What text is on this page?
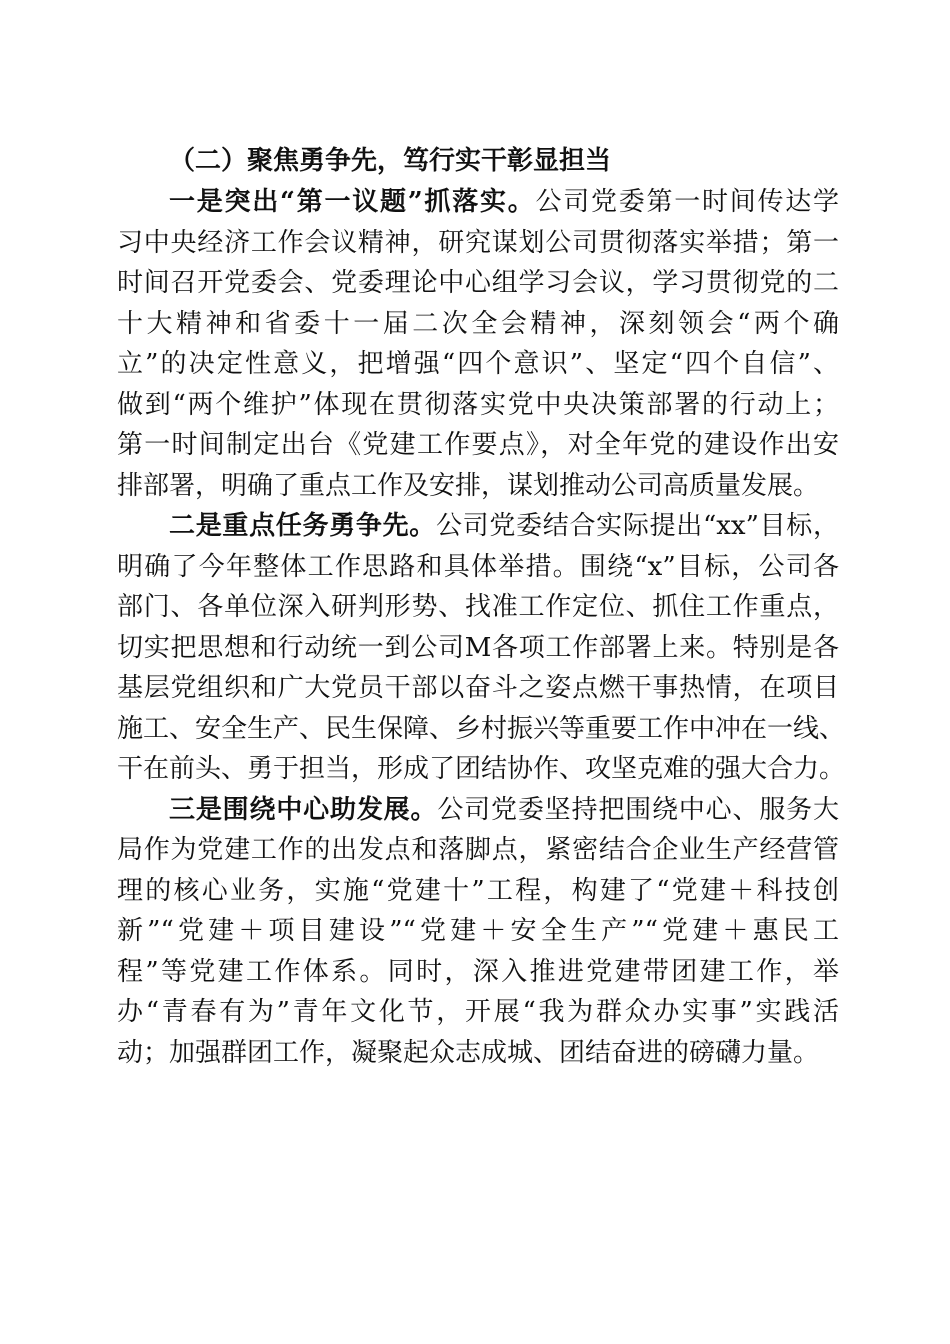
（二）聚焦勇争先，笃行实干彰显担当
一是突出“第一议题”抓落实。公司党委第一时间传达学
习中央经济工作会议精神，研究谋划公司贯彻落实举措；第一
时间召开党委会、党委理论中心组学习会议，学习贯彻党的二
十大精神和省委十一届二次全会精神，深刻领会“两个确
立”的决定性意义，把增强“四个意识”、坚定“四个自信”、
做到“两个维护”体现在贯彻落实党中央决策部署的行动上；
第一时间制定出台《党建工作要点》，对全年党的建设作出安
排部署，明确了重点工作及安排，谋划推动公司高质量发展。
二是重点任务勇争先。公司党委结合实际提出“xx”目标，
明确了今年整体工作思路和具体举措。围绕“x”目标，公司各
部门、各单位深入研判形势、找准工作定位、抓住工作重点，
切实把思想和行动统一到公司M各项工作部署上来。特别是各
基层党组织和广大党员干部以奋斗之姿点燃干事热情，在项目
施工、安全生产、民生保障、乡村振兴等重要工作中冲在一线、
干在前头、勇于担当，形成了团结协作、攻坚克难的强大合力。
三是围绕中心助发展。公司党委坚持把围绕中心、服务大
局作为党建工作的出发点和落脚点，紧密结合企业生产经营管
理的核心业务，实施“党建十”工程，构建了“党建＋科技创
新”“党建＋项目建设”“党建＋安全生产”“党建＋惠民工
程”等党建工作体系。同时，深入推进党建带团建工作，举
办“青春有为”青年文化节，开展“我为群众办实事”实践活
动；加强群团工作，凝聚起众志成城、团结奋进的磅礴力量。
